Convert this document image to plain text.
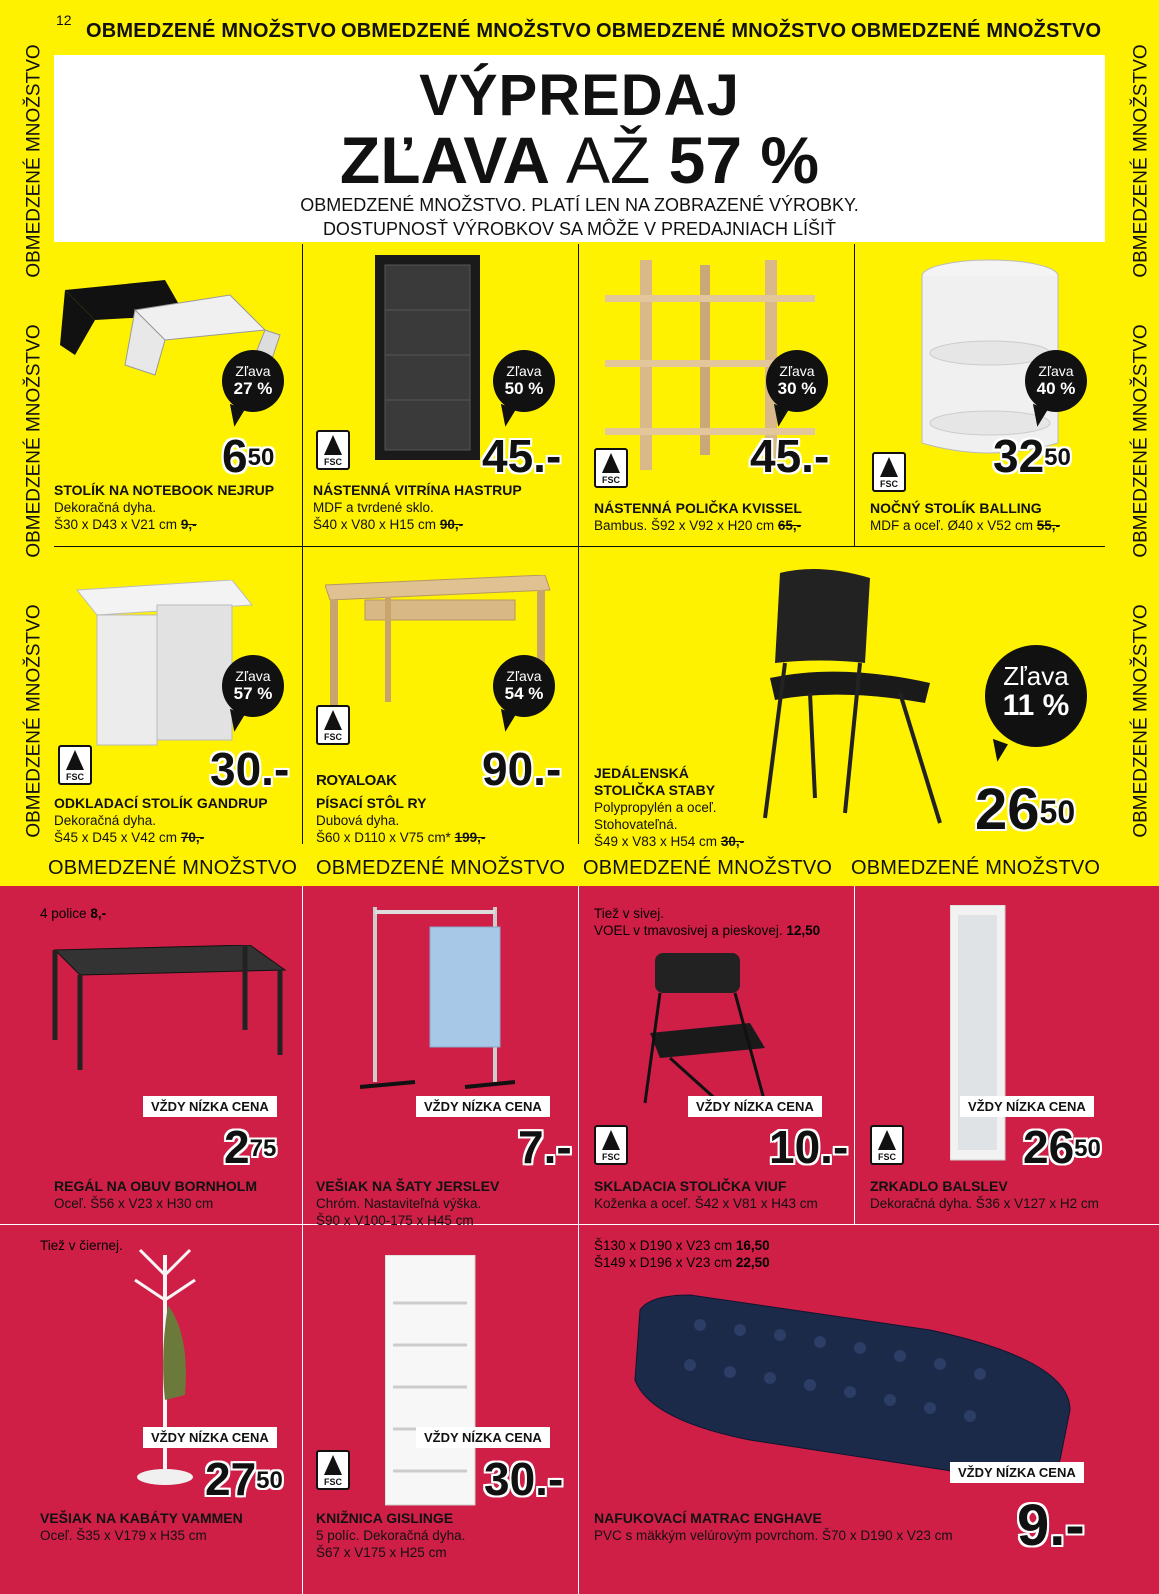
12 OBMEDZENÉ MNOŽSTVO OBMEDZENÉ MNOŽSTVO OBMEDZENÉ MNOŽSTVO OBMEDZENÉ MNOŽSTVO
OBMEDZENÉ MNOŽSTVO OBMEDZENÉ MNOŽSTVO OBMEDZENÉ MNOŽSTVO OBMEDZENÉ MNOŽSTVO
OBMEDZENÉ MNOŽSTVO
OBMEDZENÉ MNOŽSTVO
OBMEDZENÉ MNOŽSTVO
OBMEDZENÉ MNOŽSTVO
OBMEDZENÉ MNOŽSTVO
OBMEDZENÉ MNOŽSTVO
VÝPREDAJ
ZĽAVA AŽ 57 %
OBMEDZENÉ MNOŽSTVO. PLATÍ LEN NA ZOBRAZENÉ VÝROBKY.
DOSTUPNOSŤ VÝROBKOV SA MÔŽE V PREDAJNIACH LÍŠIŤ
Zľava
27 %
$6^{50}$
STOLÍK NA NOTEBOOK NEJRUP
Dekoračná dyha.
Š30 x D43 x V21 cm 9,-
Zľava
50 %
FSC	45.-
NÁSTENNÁ VITRÍNA HASTRUP
MDF a tvrdené sklo.
Š40 x V80 x H15 cm 90,-
Zľava
30 %
FSC	45.-
NÁSTENNÁ POLIČKA KVISSEL
Bambus. Š92 x V92 x H20 cm 65,-
Zľava
40 %
FSC
$32^{50}$
NOČNÝ STOLÍK BALLING
MDF a oceľ. Ø40 x V52 cm 55,-
Zľava
57 %
FSC	30.-
ODKLADACÍ STOLÍK GANDRUP
Dekoračná dyha.
Š45 x D45 x V42 cm 70,-
Zľava
54 %
FSC
ROYALOAK 90.-
PÍSACÍ STÔL RY
Dubová dyha.
Š60 x D110 x V75 cm* 199,-
Zľava
11 %
$26^{50}$
JEDÁLENSKÁ
STOLIČKA STABY
Polypropylén a oceľ.
Stohovateľná.
Š49 x V83 x H54 cm 30,-
4 police 8,-
VŽDY NÍZKA CENA
$2^{75}$
REGÁL NA OBUV BORNHOLM
Oceľ. Š56 x V23 x H30 cm
VŽDY NÍZKA CENA
7.-
VEŠIAK NA ŠATY JERSLEV
Chróm. Nastaviteľná výška.
Š90 x V100-175 x H45 cm
Tiež v sivej.
VOEL v tmavosivej a pieskovej. 12,50
VŽDY NÍZKA CENA
FSC	10.-
SKLADACIA STOLIČKA VIUF
Koženka a oceľ. Š42 x V81 x H43 cm
VŽDY NÍZKA CENA
FSC	$26^{50}$
ZRKADLO BALSLEV
Dekoračná dyha. Š36 x V127 x H2 cm
Tiež v čiernej.
VŽDY NÍZKA CENA
$27^{50}$
VEŠIAK NA KABÁTY VAMMEN
Oceľ. Š35 x V179 x H35 cm
VŽDY NÍZKA CENA
FSC	30.-
KNIŽNICA GISLINGE
5 políc. Dekoračná dyha.
Š67 x V175 x H25 cm
Š130 x D190 x V23 cm 16,50
Š149 x D196 x V23 cm 22,50
VŽDY NÍZKA CENA
9.-
NAFUKOVACÍ MATRAC ENGHAVE
PVC s mäkkým velúrovým povrchom. Š70 x D190 x V23 cm
